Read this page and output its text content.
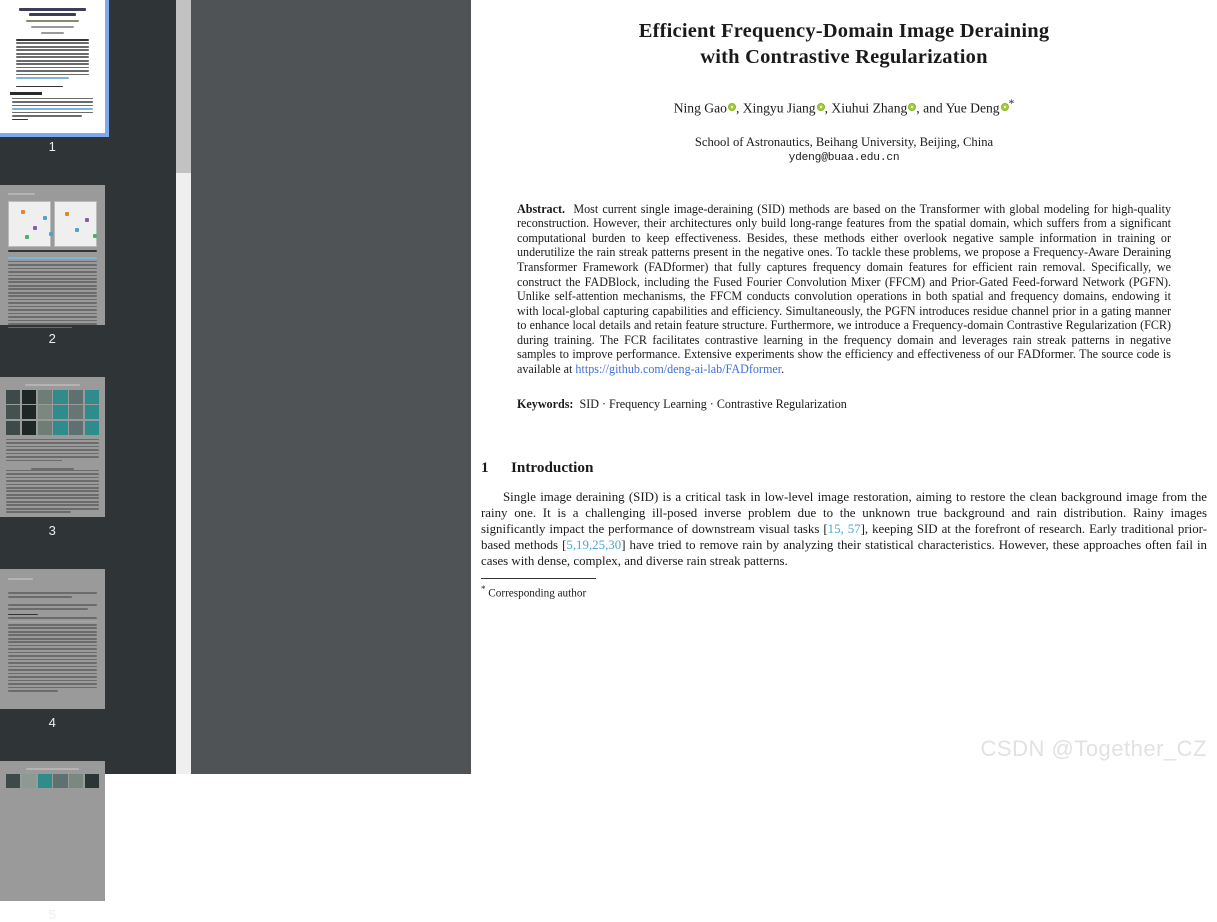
1
2
3
4
5
Efficient Frequency-Domain Image Deraining
with Contrastive Regularization
Ning Gao , Xingyu Jiang , Xiuhui Zhang , and Yue Deng *
School of Astronautics, Beihang University, Beijing, China
ydeng@buaa.edu.cn
Abstract. Most current single image-deraining (SID) methods are based on the Transformer with global modeling for high-quality reconstruction. However, their architectures only build long-range features from the spatial domain, which suffers from a significant computational burden to keep effectiveness. Besides, these methods either overlook negative sample information in training or underutilize the rain streak patterns present in the negative ones. To tackle these problems, we propose a Frequency-Aware Deraining Transformer Framework (FADformer) that fully captures frequency domain features for efficient rain removal. Specifically, we construct the FADBlock, including the Fused Fourier Convolution Mixer (FFCM) and Prior-Gated Feed-forward Network (PGFN). Unlike self-attention mechanisms, the FFCM conducts convolution operations in both spatial and frequency domains, endowing it with local-global capturing capabilities and efficiency. Simultaneously, the PGFN introduces residue channel prior in a gating manner to enhance local details and retain feature structure. Furthermore, we introduce a Frequency-domain Contrastive Regularization (FCR) during training. The FCR facilitates contrastive learning in the frequency domain and leverages rain streak patterns in negative samples to improve performance. Extensive experiments show the efficiency and effectiveness of our FADformer. The source code is available at https://github.com/deng-ai-lab/FADformer.
Keywords: SID · Frequency Learning · Contrastive Regularization
1 Introduction
Single image deraining (SID) is a critical task in low-level image restoration, aiming to restore the clean background image from the rainy one. It is a challenging ill-posed inverse problem due to the unknown true background and rain distribution. Rainy images significantly impact the performance of downstream visual tasks [15, 57], keeping SID at the forefront of research. Early traditional prior-based methods [5,19,25,30] have tried to remove rain by analyzing their statistical characteristics. However, these approaches often fail in cases with dense, complex, and diverse rain streak patterns.
* Corresponding author
CSDN @Together_CZ
